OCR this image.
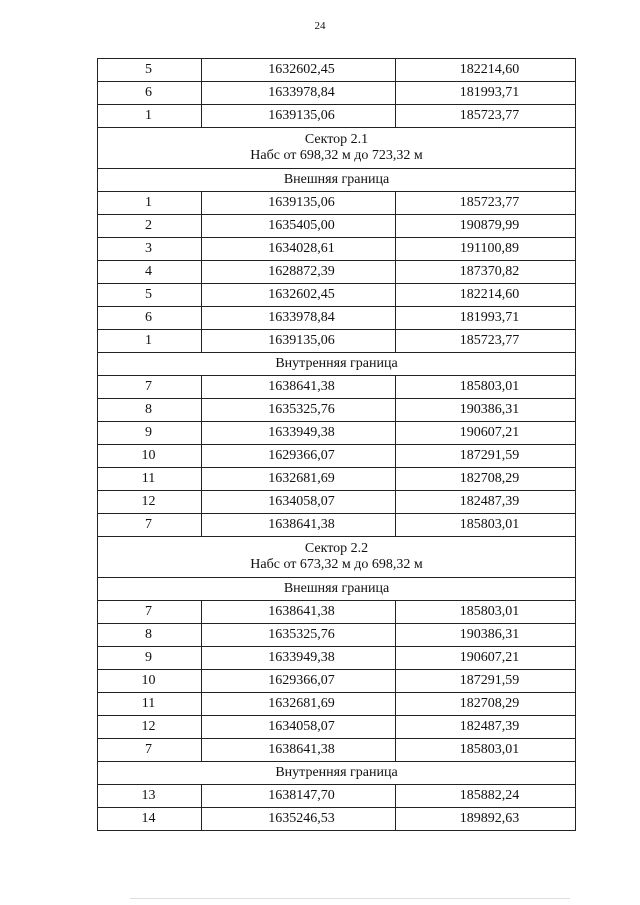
24
5	1632602,45	182214,60
6	1633978,84	181993,71
1	1639135,06	185723,77

Сектор 2.1
Набс от 698,32 м до 723,32 м		

Внешняя граница		
1	1639135,06	185723,77
2	1635405,00	190879,99
3	1634028,61	191100,89
4	1628872,39	187370,82
5	1632602,45	182214,60
6	1633978,84	181993,71
1	1639135,06	185723,77
Внутренняя граница		
7	1638641,38	185803,01
8	1635325,76	190386,31
9	1633949,38	190607,21
10	1629366,07	187291,59
11	1632681,69	182708,29
12	1634058,07	182487,39
7	1638641,38	185803,01

Сектор 2.2
Набс от 673,32 м до 698,32 м		

Внешняя граница		
7	1638641,38	185803,01
8	1635325,76	190386,31
9	1633949,38	190607,21
10	1629366,07	187291,59
11	1632681,69	182708,29
12	1634058,07	182487,39
7	1638641,38	185803,01
Внутренняя граница		
13	1638147,70	185882,24
14	1635246,53	189892,63
